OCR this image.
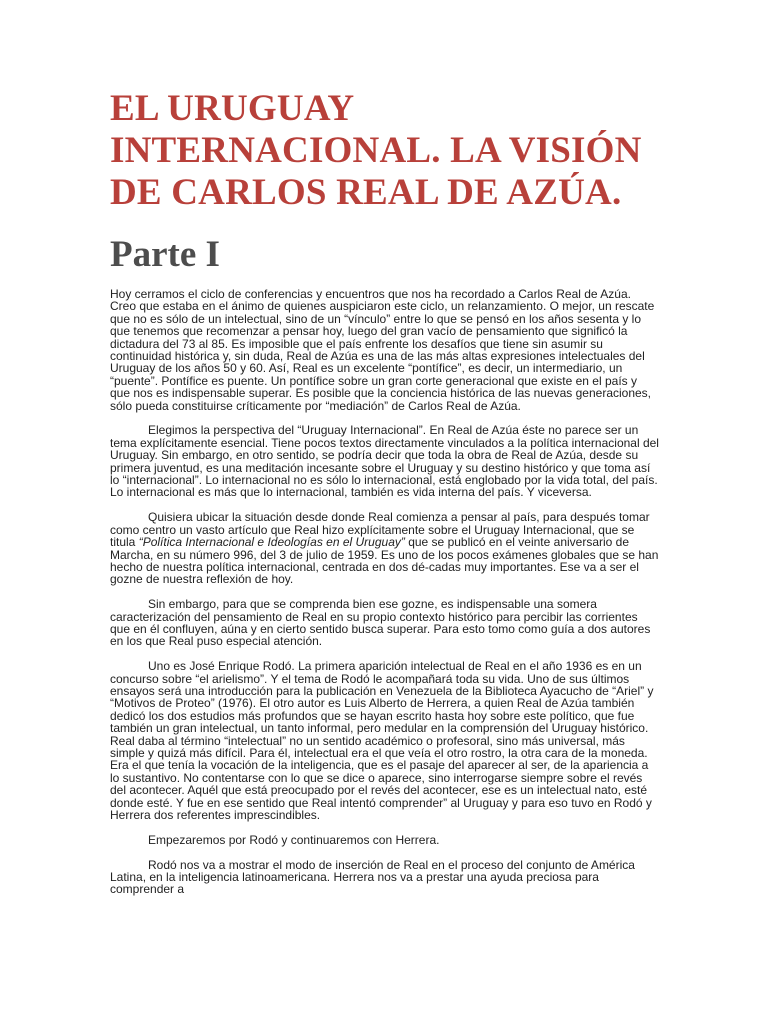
EL URUGUAY INTERNACIONAL. LA VISIÓN DE CARLOS REAL DE AZÚA.
Parte I

Hoy cerramos el ciclo de conferencias y encuentros que nos ha recordado a Carlos Real de Azúa. Creo que estaba en el ánimo de quienes auspiciaron este ciclo, un relanzamiento. O mejor, un rescate que no es sólo de un intelectual, sino de un “vínculo” entre lo que se pensó en los años sesenta y lo que tenemos que recomenzar a pensar hoy, luego del gran vacío de pensamiento que significó la dictadura del 73 al 85. Es imposible que el país enfrente los desafíos que tiene sin asumir su continuidad histórica y, sin duda, Real de Azúa es una de las más altas expresiones intelectuales del Uruguay de los años 50 y 60. Así, Real es un excelente “pontífice”, es decir, un intermediario, un “puente”. Pontífice es puente. Un pontífice sobre un gran corte generacional que existe en el país y que nos es indispensable superar. Es posible que la conciencia histórica de las nuevas generaciones, sólo pueda constituirse críticamente por “mediación” de Carlos Real de Azúa.

Elegimos la perspectiva del “Uruguay Internacional”. En Real de Azúa éste no parece ser un tema explícitamente esencial. Tiene pocos textos directamente vinculados a la política internacional del Uruguay. Sin embargo, en otro sentido, se podría decir que toda la obra de Real de Azúa, desde su primera juventud, es una meditación incesante sobre el Uruguay y su destino histórico y que toma así lo “internacional”. Lo internacional no es sólo lo internacional, está englobado por la vida total, del país. Lo internacional es más que lo internacional, también es vida interna del país. Y viceversa.

Quisiera ubicar la situación desde donde Real comienza a pensar al país, para después tomar como centro un vasto artículo que Real hizo explícitamente sobre el Uruguay Internacional, que se titula “Política Internacional e Ideologías en el Uruguay” que se publicó en el veinte aniversario de Marcha, en su número 996, del 3 de julio de 1959. Es uno de los pocos exámenes globales que se han hecho de nuestra política internacional, centrada en dos dé-cadas muy importantes. Ese va a ser el gozne de nuestra reflexión de hoy.

Sin embargo, para que se comprenda bien ese gozne, es indispensable una somera caracterización del pensamiento de Real en su propio contexto histórico para percibir las corrientes que en él confluyen, aúna y en cierto sentido busca superar. Para esto tomo como guía a dos autores en los que Real puso especial atención.

Uno es José Enrique Rodó. La primera aparición intelectual de Real en el año 1936 es en un concurso sobre “el arielismo”. Y el tema de Rodó le acompañará toda su vida. Uno de sus últimos ensayos será una introducción para la publicación en Venezuela de la Biblioteca Ayacucho de “Ariel” y “Motivos de Proteo” (1976). El otro autor es Luis Alberto de Herrera, a quien Real de Azúa también dedicó los dos estudios más profundos que se hayan escrito hasta hoy sobre este político, que fue también un gran intelectual, un tanto informal, pero medular en la comprensión del Uruguay histórico. Real daba al término “intelectual” no un sentido académico o profesoral, sino más universal, más simple y quizá más difícil. Para él, intelectual era el que veía el otro rostro, la otra cara de la moneda. Era el que tenía la vocación de la inteligencia, que es el pasaje del aparecer al ser, de la apariencia a lo sustantivo. No contentarse con lo que se dice o aparece, sino interrogarse siempre sobre el revés del acontecer. Aquél que está preocupado por el revés del acontecer, ese es un intelectual nato, esté donde esté. Y fue en ese sentido que Real intentó comprender” al Uruguay y para eso tuvo en Rodó y Herrera dos referentes imprescindibles.

Empezaremos por Rodó y continuaremos con Herrera.

Rodó nos va a mostrar el modo de inserción de Real en el proceso del conjunto de América Latina, en la inteligencia latinoamericana. Herrera nos va a prestar una ayuda preciosa para comprender a
